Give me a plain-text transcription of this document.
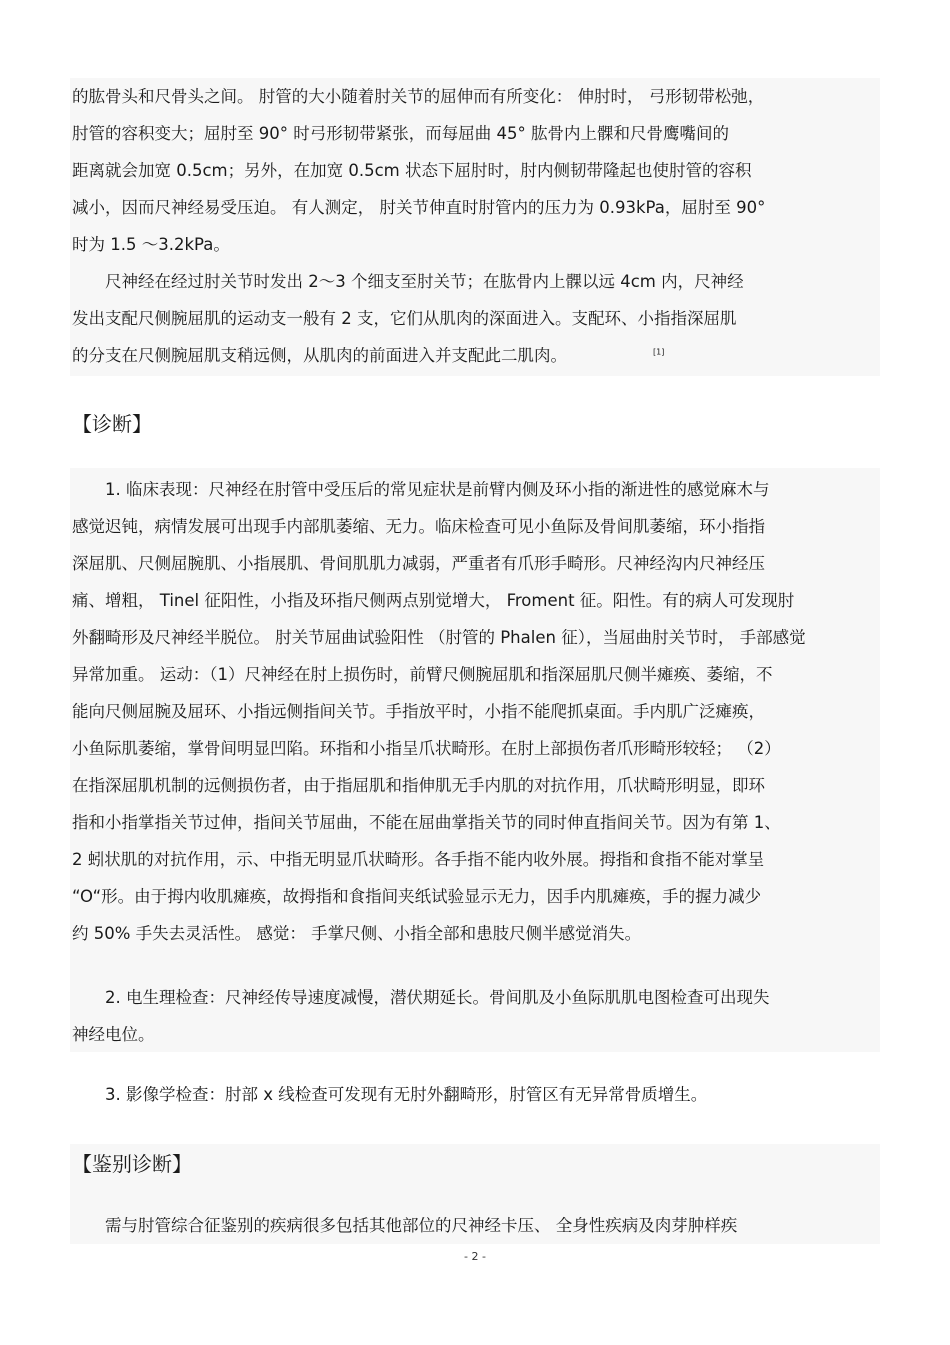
的肱骨头和尺骨头之间。 肘管的大小随着肘关节的屈伸而有所变化： 伸肘时， 弓形韧带松弛，
肘管的容积变大；屈肘至 90° 时弓形韧带紧张，而每屈曲 45° 肱骨内上髁和尺骨鹰嘴间的
距离就会加宽 0.5cm；另外，在加宽 0.5cm 状态下屈肘时，肘内侧韧带隆起也使肘管的容积
减小，因而尺神经易受压迫。 有人测定， 肘关节伸直时肘管内的压力为 0.93kPa，屈肘至 90°
时为 1.5 ～3.2kPa。
　　尺神经在经过肘关节时发出 2～3 个细支至肘关节；在肱骨内上髁以远 4cm 内，尺神经
发出支配尺侧腕屈肌的运动支一般有 2 支，它们从肌肉的深面进入。支配环、小指指深屈肌
的分支在尺侧腕屈肌支稍远侧，从肌肉的前面进入并支配此二肌肉。	[1]
【诊断】
　　1. 临床表现：尺神经在肘管中受压后的常见症状是前臂内侧及环小指的渐进性的感觉麻木与
感觉迟钝，病情发展可出现手内部肌萎缩、无力。临床检查可见小鱼际及骨间肌萎缩，环小指指
深屈肌、尺侧屈腕肌、小指展肌、骨间肌肌力减弱，严重者有爪形手畸形。尺神经沟内尺神经压
痛、增粗， Tinel 征阳性，小指及环指尺侧两点别觉增大， Froment 征。阳性。有的病人可发现肘
外翻畸形及尺神经半脱位。 肘关节屈曲试验阳性 （肘管的 Phalen 征），当屈曲肘关节时， 手部感觉
异常加重。 运动：（1）尺神经在肘上损伤时，前臂尺侧腕屈肌和指深屈肌尺侧半瘫痪、萎缩，不
能向尺侧屈腕及屈环、小指远侧指间关节。手指放平时，小指不能爬抓桌面。手内肌广泛瘫痪，
小鱼际肌萎缩，掌骨间明显凹陷。环指和小指呈爪状畸形。在肘上部损伤者爪形畸形较轻； （2）
在指深屈肌机制的远侧损伤者，由于指屈肌和指伸肌无手内肌的对抗作用，爪状畸形明显，即环
指和小指掌指关节过伸，指间关节屈曲，不能在屈曲掌指关节的同时伸直指间关节。因为有第 1、
2 蚓状肌的对抗作用，示、中指无明显爪状畸形。各手指不能内收外展。拇指和食指不能对掌呈
“O“形。由于拇内收肌瘫痪，故拇指和食指间夹纸试验显示无力，因手内肌瘫痪，手的握力减少
约 50% 手失去灵活性。 感觉： 手掌尺侧、小指全部和患肢尺侧半感觉消失。
　　2. 电生理检查：尺神经传导速度减慢，潜伏期延长。骨间肌及小鱼际肌肌电图检查可出现失
神经电位。
　　3. 影像学检查：肘部 x 线检查可发现有无肘外翻畸形，肘管区有无异常骨质增生。
【鉴别诊断】
　　需与肘管综合征鉴别的疾病很多包括其他部位的尺神经卡压、 全身性疾病及肉芽肿样疾
- 2 -
